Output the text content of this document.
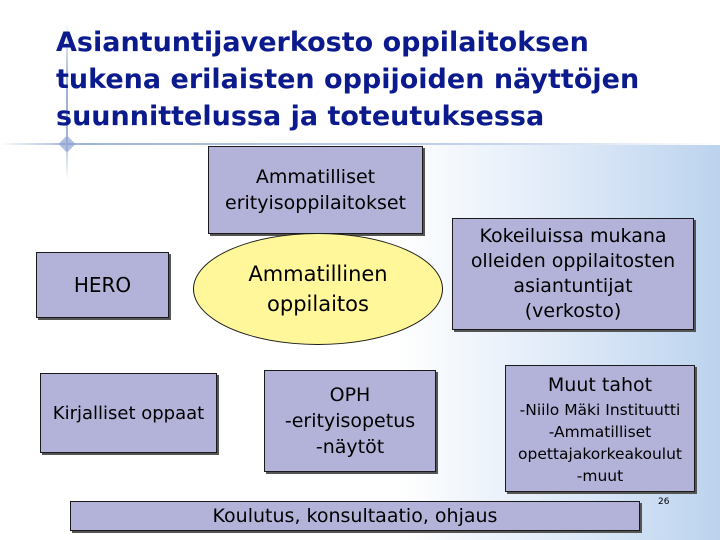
Asiantuntijaverkosto oppilaitoksen
tukena erilaisten oppijoiden näyttöjen
suunnittelussa ja toteutuksessa
Ammatilliset
erityisoppilaitokset
HERO	Ammatillinen
oppilaitos
Kokeiluissa mukana
olleiden oppilaitosten
asiantuntijat
(verkosto)
Kirjalliset oppaat
OPH
-erityisopetus
-näytöt
Muut tahot
-Niilo Mäki Instituutti
-Ammatilliset
opettajakorkeakoulut
-muut
Koulutus, konsultaatio, ohjaus
26
